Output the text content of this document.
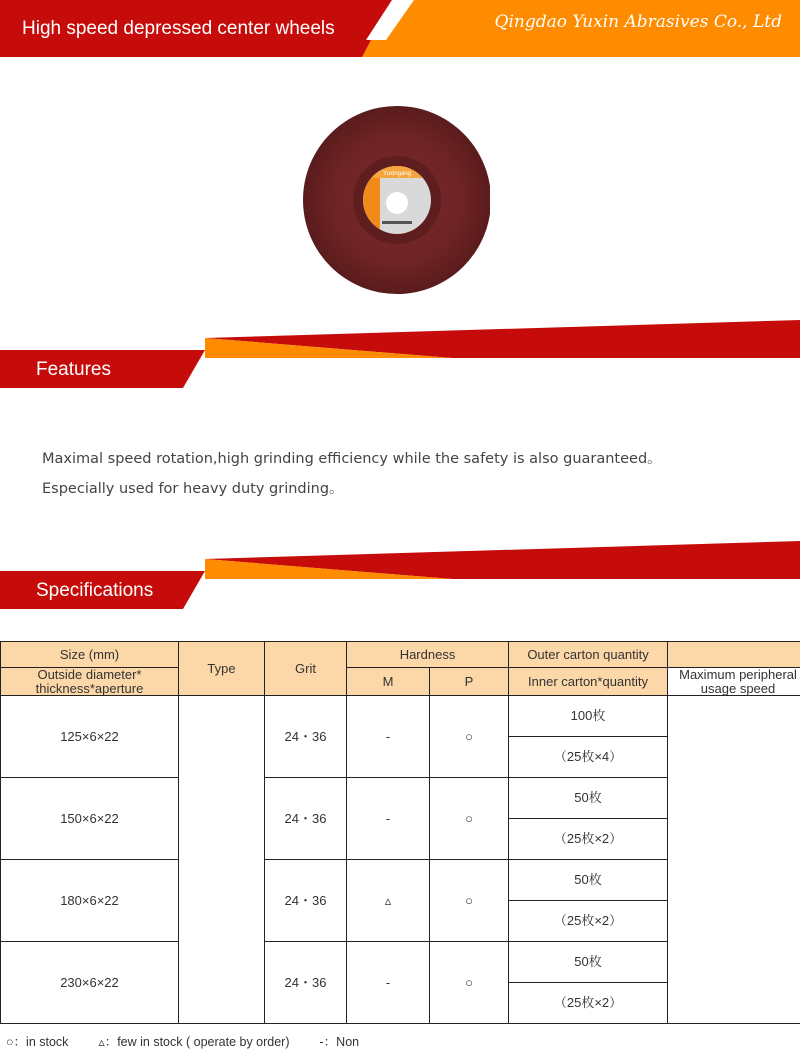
High speed depressed center wheels	Qingdao Yuxin Abrasives Co., Ltd
Yuxingang
Features
Maximal speed rotation,high grinding efficiency while the safety is also guaranteed。
Especially used for heavy duty grinding。
Specifications
Size (mm)	Type	Grit	Hardness		Outer carton quantity	
Outside diameter* thickness*aperture			M	P	Inner carton*quantity	Maximum peripheral usage speed
125×6×22		24・36	-	○	100枚	
					（25枚×4）	
150×6×22		24・36	-	○	50枚	
					（25枚×2）	
180×6×22		24・36	▵	○	50枚	
					（25枚×2）	
230×6×22		24・36	-	○	50枚	
					（25枚×2）	
○：in stock ▵：few in stock ( operate by order) -：Non
